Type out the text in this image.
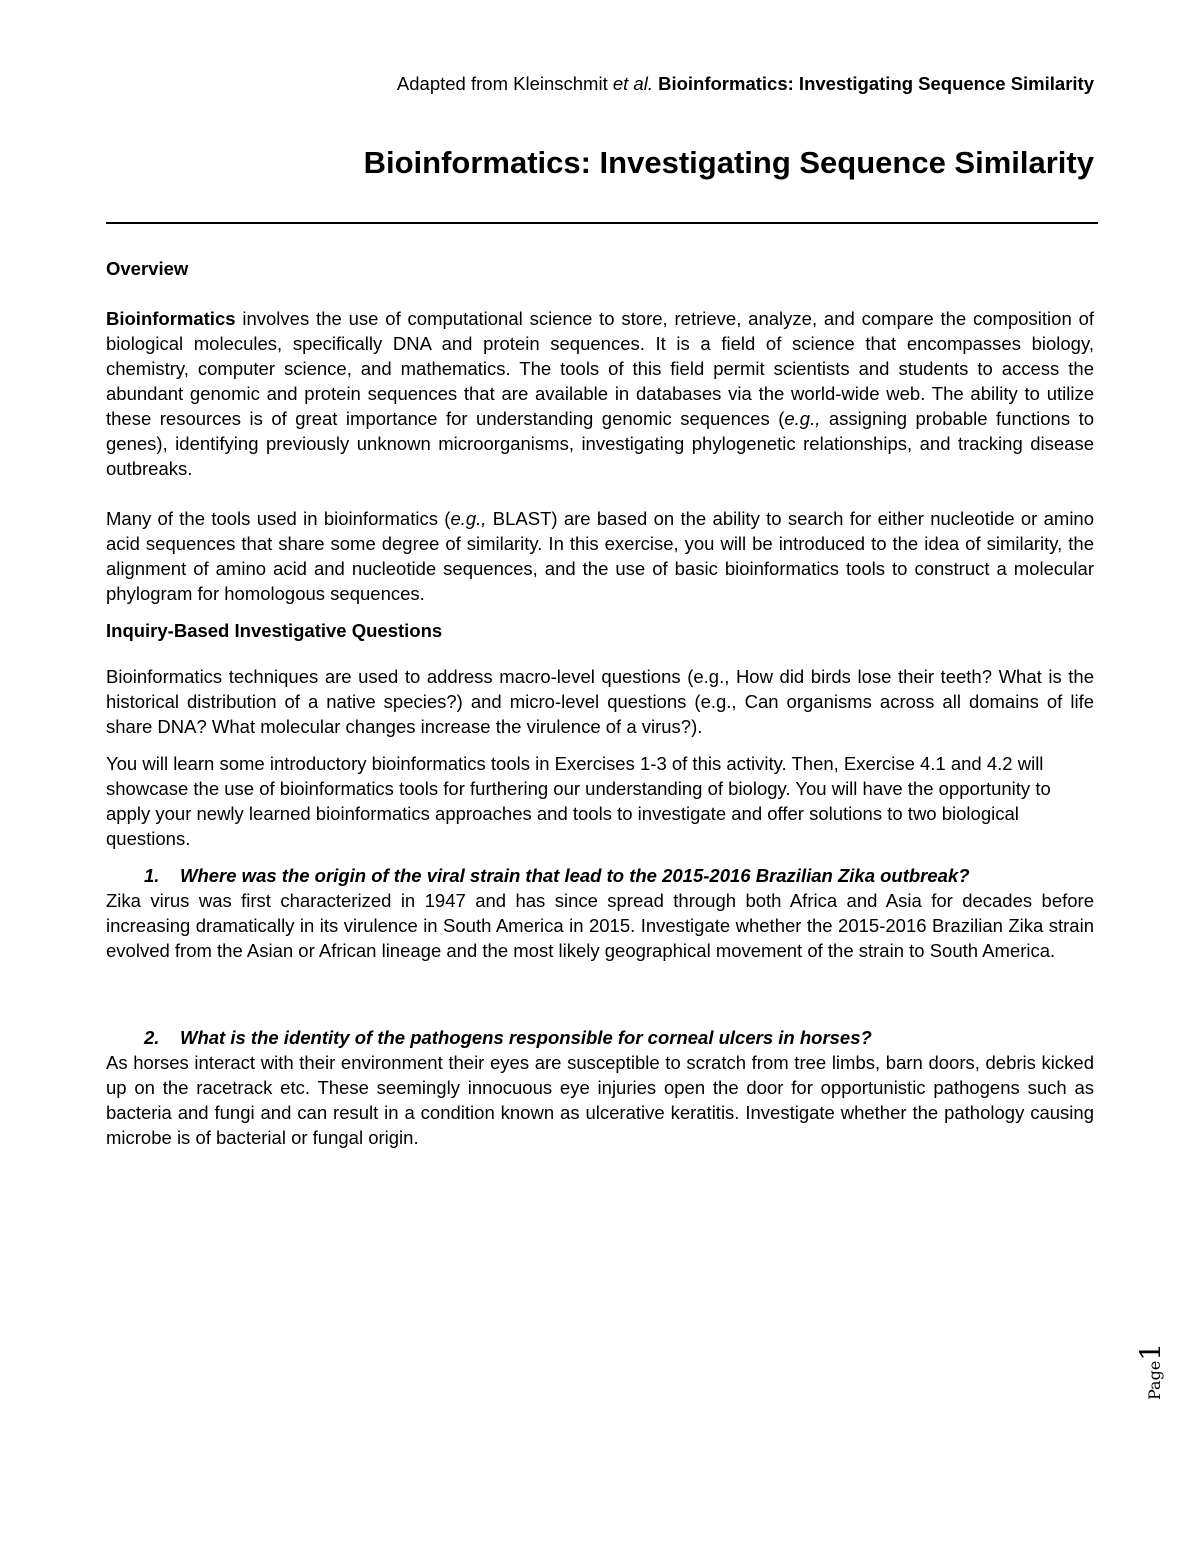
Adapted from Kleinschmit et al. Bioinformatics: Investigating Sequence Similarity
Bioinformatics: Investigating Sequence Similarity
Overview

Bioinformatics involves the use of computational science to store, retrieve, analyze, and compare the composition of biological molecules, specifically DNA and protein sequences. It is a field of science that encompasses biology, chemistry, computer science, and mathematics. The tools of this field permit scientists and students to access the abundant genomic and protein sequences that are available in databases via the world-wide web. The ability to utilize these resources is of great importance for understanding genomic sequences (e.g., assigning probable functions to genes), identifying previously unknown microorganisms, investigating phylogenetic relationships, and tracking disease outbreaks.

Many of the tools used in bioinformatics (e.g., BLAST) are based on the ability to search for either nucleotide or amino acid sequences that share some degree of similarity. In this exercise, you will be introduced to the idea of similarity, the alignment of amino acid and nucleotide sequences, and the use of basic bioinformatics tools to construct a molecular phylogram for homologous sequences.

Inquiry-Based Investigative Questions

Bioinformatics techniques are used to address macro-level questions (e.g., How did birds lose their teeth? What is the historical distribution of a native species?) and micro-level questions (e.g., Can organisms across all domains of life share DNA? What molecular changes increase the virulence of a virus?).

You will learn some introductory bioinformatics tools in Exercises 1-3 of this activity. Then, Exercise 4.1 and 4.2 will showcase the use of bioinformatics tools for furthering our understanding of biology. You will have the opportunity to apply your newly learned bioinformatics approaches and tools to investigate and offer solutions to two biological questions.

1.	Where was the origin of the viral strain that lead to the 2015-2016 Brazilian Zika outbreak?

Zika virus was first characterized in 1947 and has since spread through both Africa and Asia for decades before increasing dramatically in its virulence in South America in 2015. Investigate whether the 2015-2016 Brazilian Zika strain evolved from the Asian or African lineage and the most likely geographical movement of the strain to South America.

2.	What is the identity of the pathogens responsible for corneal ulcers in horses?

As horses interact with their environment their eyes are susceptible to scratch from tree limbs, barn doors, debris kicked up on the racetrack etc. These seemingly innocuous eye injuries open the door for opportunistic pathogens such as bacteria and fungi and can result in a condition known as ulcerative keratitis. Investigate whether the pathology causing microbe is of bacterial or fungal origin.

Page1
